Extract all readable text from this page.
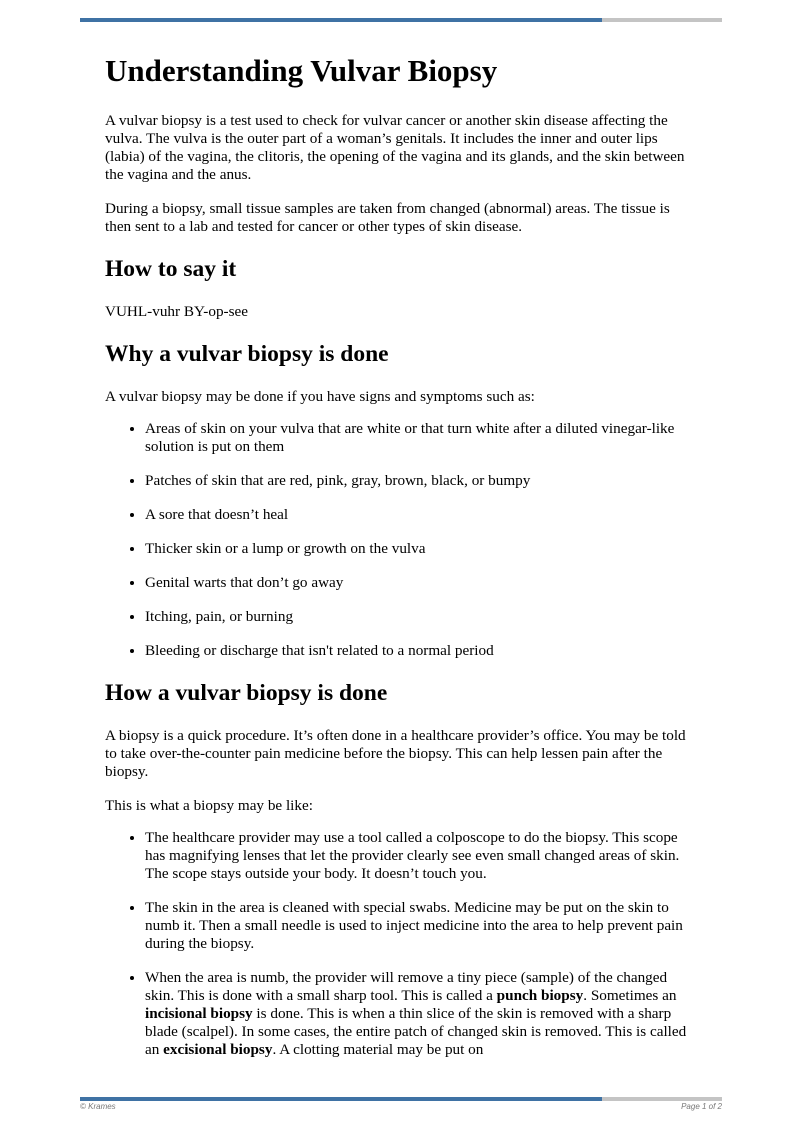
Understanding Vulvar Biopsy

A vulvar biopsy is a test used to check for vulvar cancer or another skin disease affecting the vulva. The vulva is the outer part of a woman’s genitals. It includes the inner and outer lips (labia) of the vagina, the clitoris, the opening of the vagina and its glands, and the skin between the vagina and the anus.

During a biopsy, small tissue samples are taken from changed (abnormal) areas. The tissue is then sent to a lab and tested for cancer or other types of skin disease.

How to say it

VUHL-vuhr BY-op-see

Why a vulvar biopsy is done

A vulvar biopsy may be done if you have signs and symptoms such as:

• Areas of skin on your vulva that are white or that turn white after a diluted vinegar-like solution is put on them
• Patches of skin that are red, pink, gray, brown, black, or bumpy
• A sore that doesn’t heal
• Thicker skin or a lump or growth on the vulva
• Genital warts that don’t go away
• Itching, pain, or burning
• Bleeding or discharge that isn't related to a normal period
How a vulvar biopsy is done

A biopsy is a quick procedure. It’s often done in a healthcare provider’s office. You may be told to take over-the-counter pain medicine before the biopsy. This can help lessen pain after the biopsy.

This is what a biopsy may be like:

• The healthcare provider may use a tool called a colposcope to do the biopsy. This scope has magnifying lenses that let the provider clearly see even small changed areas of skin. The scope stays outside your body. It doesn’t touch you.
• The skin in the area is cleaned with special swabs. Medicine may be put on the skin to numb it. Then a small needle is used to inject medicine into the area to help prevent pain during the biopsy.
• When the area is numb, the provider will remove a tiny piece (sample) of the changed skin. This is done with a small sharp tool. This is called a punch biopsy. Sometimes an incisional biopsy is done. This is when a thin slice of the skin is removed with a sharp blade (scalpel). In some cases, the entire patch of changed skin is removed. This is called an excisional biopsy. A clotting material may be put on
© Krames	Page 1 of 2
